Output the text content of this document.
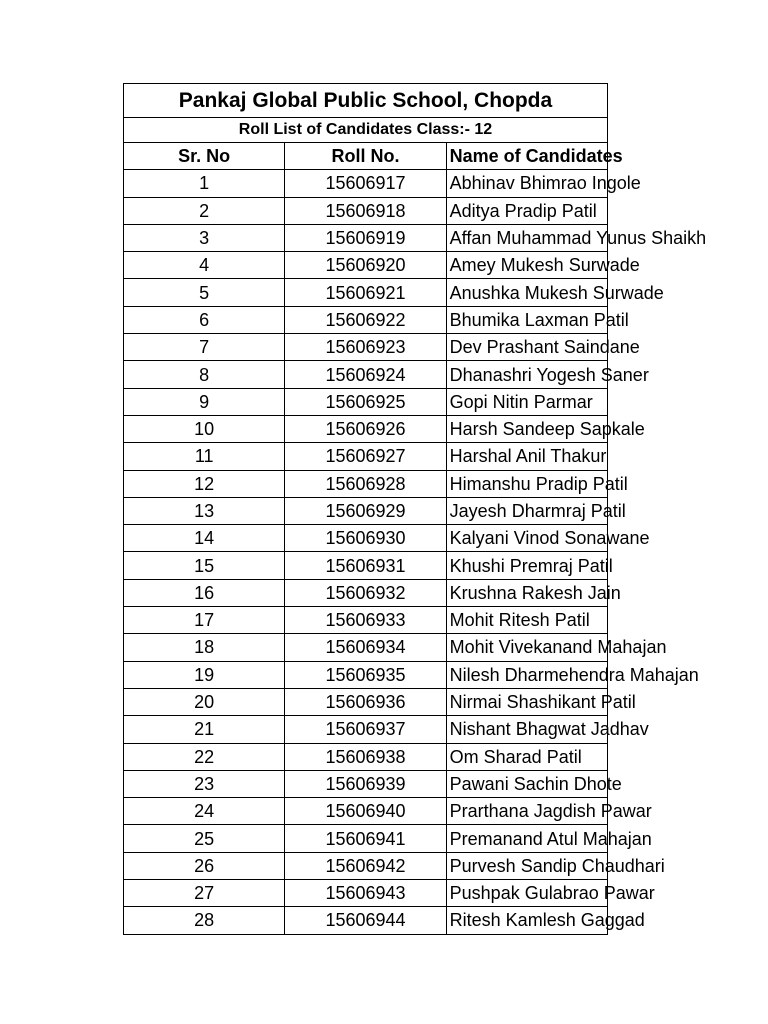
Pankaj Global Public School, Chopda		
Roll List of Candidates Class:- 12		
Sr. No	Roll No.	Name of Candidates
1	15606917	Abhinav Bhimrao Ingole
2	15606918	Aditya Pradip Patil
3	15606919	Affan Muhammad Yunus Shaikh
4	15606920	Amey Mukesh Surwade
5	15606921	Anushka Mukesh Surwade
6	15606922	Bhumika Laxman Patil
7	15606923	Dev Prashant Saindane
8	15606924	Dhanashri Yogesh Saner
9	15606925	Gopi Nitin Parmar
10	15606926	Harsh Sandeep Sapkale
11	15606927	Harshal Anil Thakur
12	15606928	Himanshu Pradip Patil
13	15606929	Jayesh Dharmraj Patil
14	15606930	Kalyani Vinod Sonawane
15	15606931	Khushi Premraj Patil
16	15606932	Krushna Rakesh Jain
17	15606933	Mohit Ritesh Patil
18	15606934	Mohit Vivekanand Mahajan
19	15606935	Nilesh Dharmehendra Mahajan
20	15606936	Nirmai Shashikant Patil
21	15606937	Nishant Bhagwat Jadhav
22	15606938	Om Sharad Patil
23	15606939	Pawani Sachin Dhote
24	15606940	Prarthana Jagdish Pawar
25	15606941	Premanand Atul Mahajan
26	15606942	Purvesh Sandip Chaudhari
27	15606943	Pushpak Gulabrao Pawar
28	15606944	Ritesh Kamlesh Gaggad
